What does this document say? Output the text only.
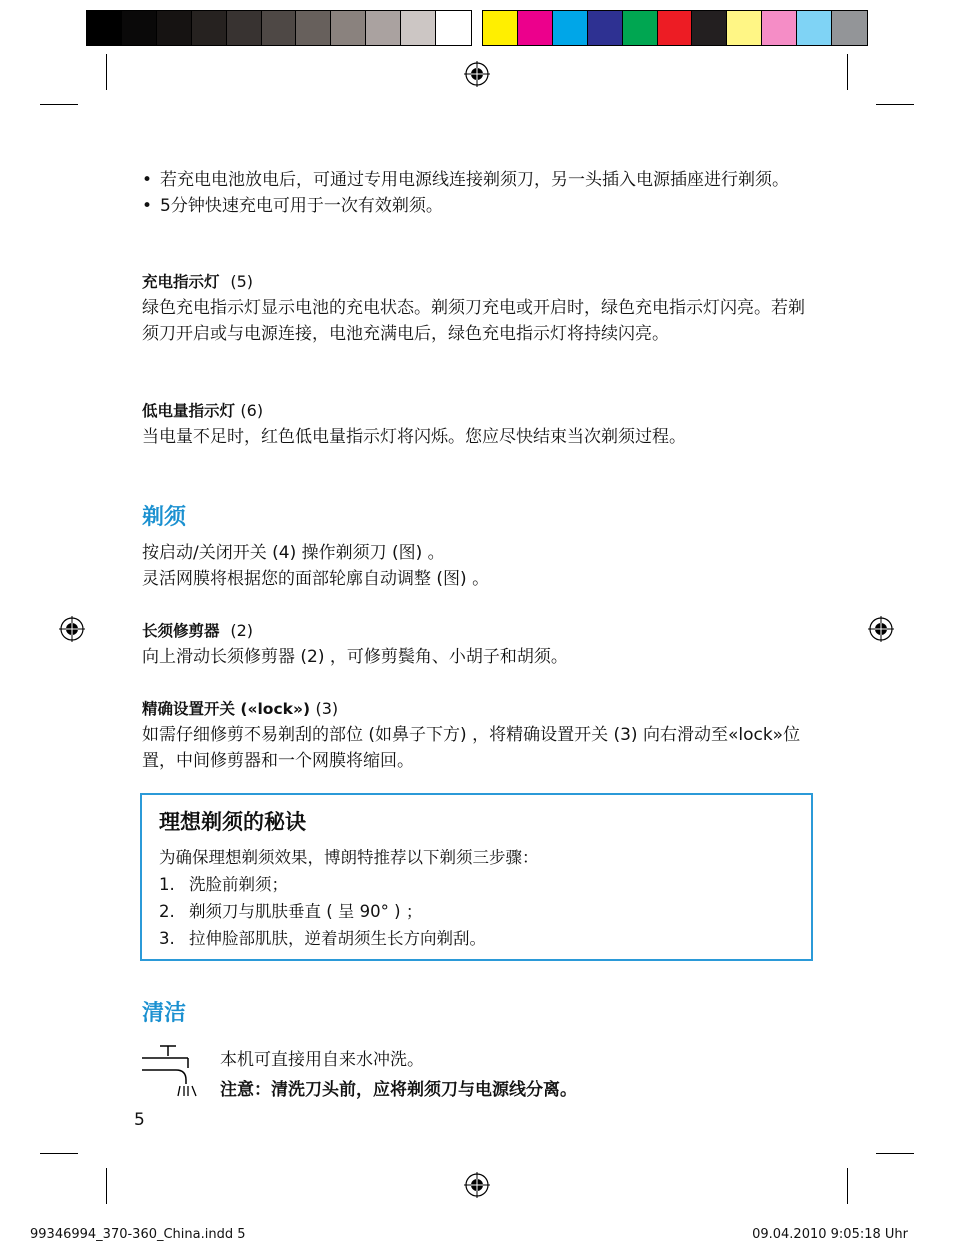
• 若充电电池放电后，可通过专用电源线连接剃须刀，另一头插入电源插座进行剃须。

• 5分钟快速充电可用于一次有效剃须。

充电指示灯 (5)

绿色充电指示灯显示电池的充电状态。剃须刀充电或开启时，绿色充电指示灯闪亮。若剃须刀开启或与电源连接，电池充满电后，绿色充电指示灯将持续闪亮。

低电量指示灯 (6)

当电量不足时，红色低电量指示灯将闪烁。您应尽快结束当次剃须过程。

剃须

按启动/关闭开关 (4) 操作剃须刀 (图) 。

灵活网膜将根据您的面部轮廓自动调整 (图) 。

长须修剪器 (2)

向上滑动长须修剪器 (2) ，可修剪鬓角、小胡子和胡须。

精确设置开关 («lock») (3)

如需仔细修剪不易剃刮的部位 (如鼻子下方) ，将精确设置开关 (3) 向右滑动至«lock»位置，中间修剪器和一个网膜将缩回。

理想剃须的秘诀
为确保理想剃须效果，博朗特推荐以下剃须三步骤：
1. 洗脸前剃须；
2. 剃须刀与肌肤垂直 ( 呈 90° ) ；
3. 拉伸脸部肌肤，逆着胡须生长方向剃刮。
清洁

本机可直接用自来水冲洗。

注意：清洗刀头前，应将剃须刀与电源线分离。

5
99346994_370-360_China.indd 5	09.04.2010 9:05:18 Uhr
